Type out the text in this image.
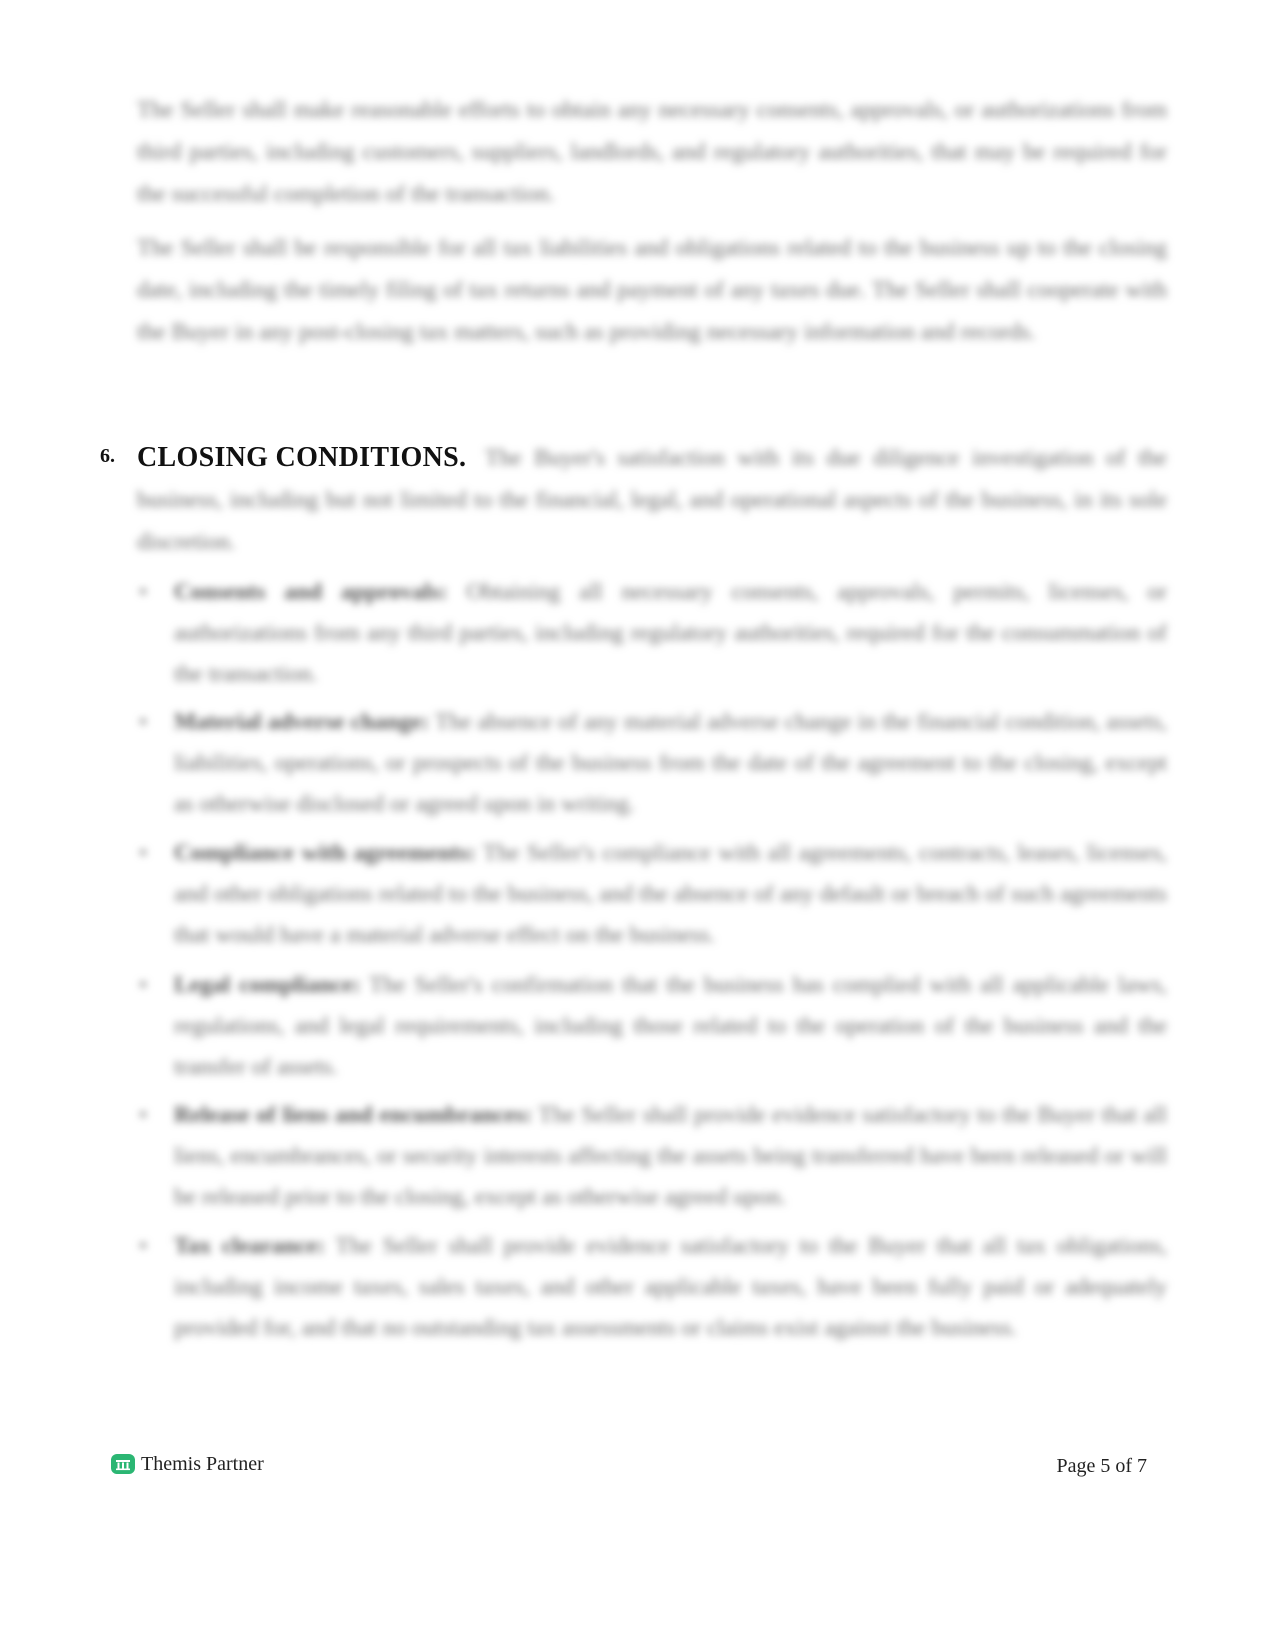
The Seller shall make reasonable efforts to obtain any necessary consents, approvals, or authorizations from third parties, including customers, suppliers, landlords, and regulatory authorities, that may be required for the successful completion of the transaction.

The Seller shall be responsible for all tax liabilities and obligations related to the business up to the closing date, including the timely filing of tax returns and payment of any taxes due. The Seller shall cooperate with the Buyer in any post-closing tax matters, such as providing necessary information and records.

6.	The Buyer's satisfaction with its due diligence investigation of the business, including but not limited to the financial, legal, and operational aspects of the business, in its sole discretion.

CLOSING CONDITIONS.
• Consents and approvals: Obtaining all necessary consents, approvals, permits, licenses, or authorizations from any third parties, including regulatory authorities, required for the consummation of the transaction.
• Material adverse change: The absence of any material adverse change in the financial condition, assets, liabilities, operations, or prospects of the business from the date of the agreement to the closing, except as otherwise disclosed or agreed upon in writing.
• Compliance with agreements: The Seller's compliance with all agreements, contracts, leases, licenses, and other obligations related to the business, and the absence of any default or breach of such agreements that would have a material adverse effect on the business.
• Legal compliance: The Seller's confirmation that the business has complied with all applicable laws, regulations, and legal requirements, including those related to the operation of the business and the transfer of assets.
• Release of liens and encumbrances: The Seller shall provide evidence satisfactory to the Buyer that all liens, encumbrances, or security interests affecting the assets being transferred have been released or will be released prior to the closing, except as otherwise agreed upon.
• Tax clearance: The Seller shall provide evidence satisfactory to the Buyer that all tax obligations, including income taxes, sales taxes, and other applicable taxes, have been fully paid or adequately provided for, and that no outstanding tax assessments or claims exist against the business.
Themis Partner	Page 5 of 7
